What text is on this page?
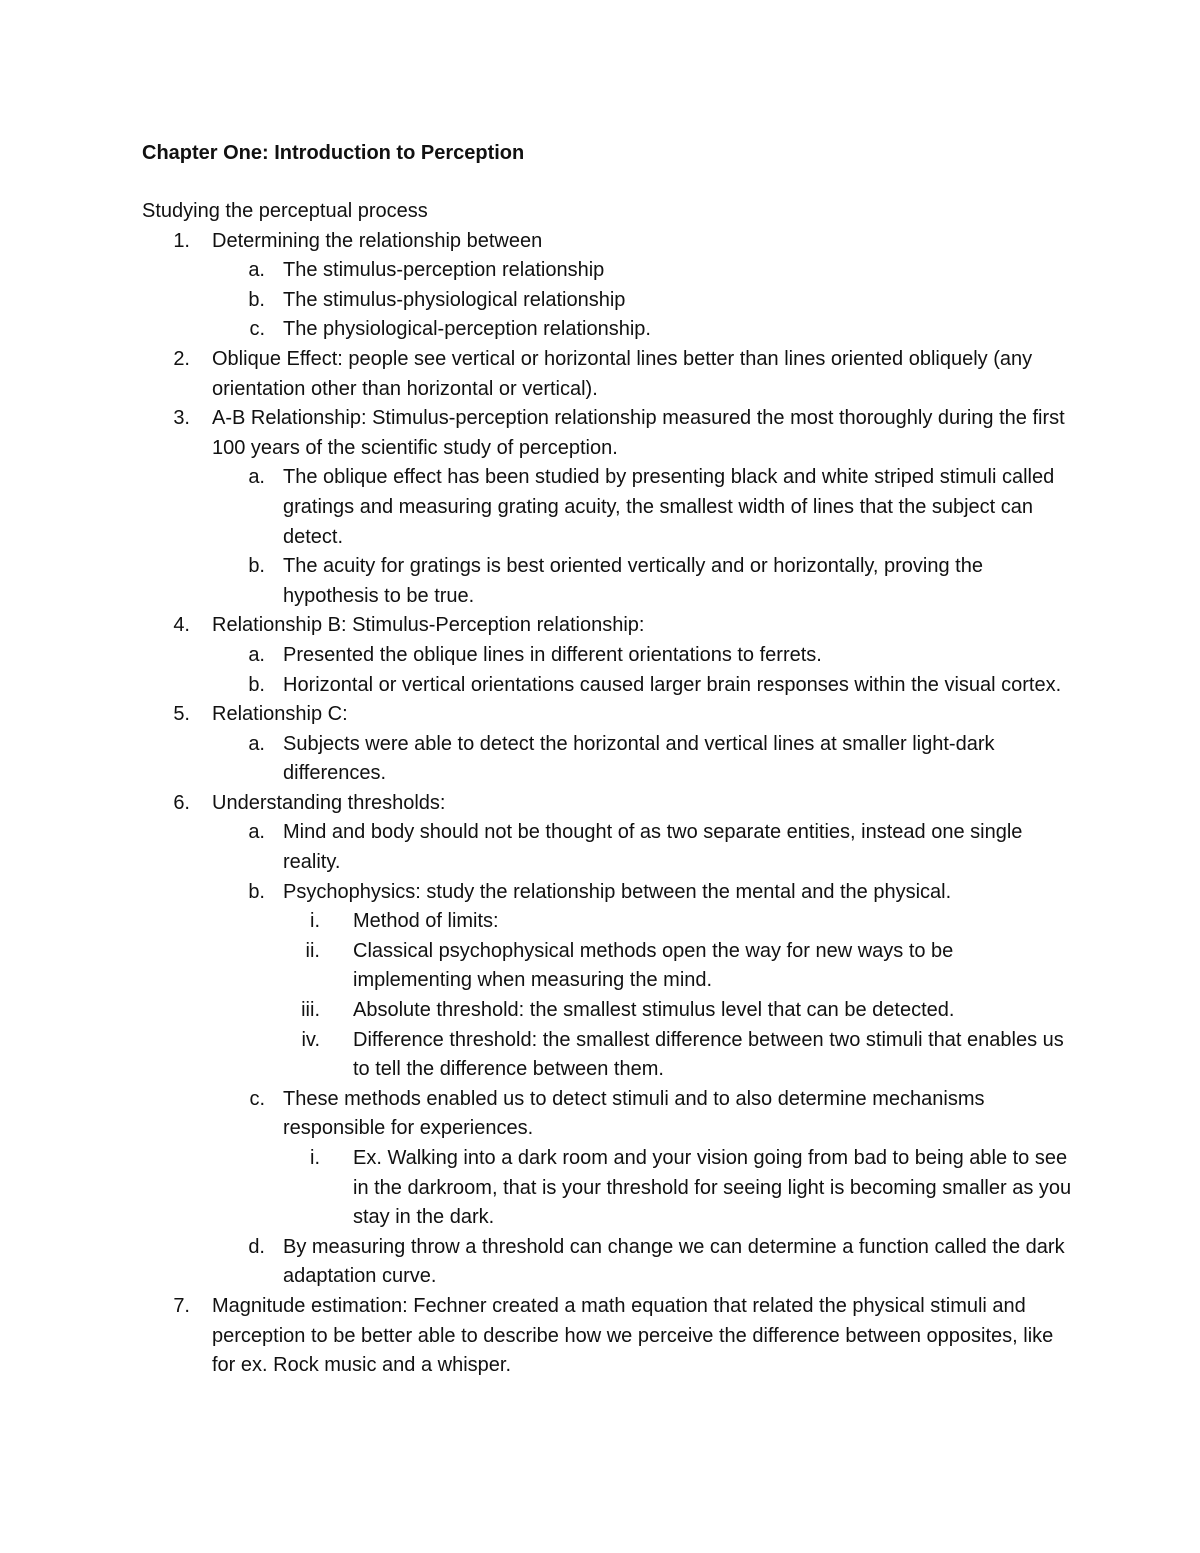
Chapter One: Introduction to Perception
Studying the perceptual process
1. Determining the relationship between
a. The stimulus-perception relationship
b. The stimulus-physiological relationship
c. The physiological-perception relationship.
2. Oblique Effect: people see vertical or horizontal lines better than lines oriented obliquely (any orientation other than horizontal or vertical).
3. A-B Relationship: Stimulus-perception relationship measured the most thoroughly during the first 100 years of the scientific study of perception.
a. The oblique effect has been studied by presenting black and white striped stimuli called gratings and measuring grating acuity, the smallest width of lines that the subject can detect.
b. The acuity for gratings is best oriented vertically and or horizontally, proving the hypothesis to be true.
4. Relationship B: Stimulus-Perception relationship:
a. Presented the oblique lines in different orientations to ferrets.
b. Horizontal or vertical orientations caused larger brain responses within the visual cortex.
5. Relationship C:
a. Subjects were able to detect the horizontal and vertical lines at smaller light-dark differences.
6. Understanding thresholds:
a. Mind and body should not be thought of as two separate entities, instead one single reality.
b. Psychophysics: study the relationship between the mental and the physical.
i. Method of limits:
ii. Classical psychophysical methods open the way for new ways to be implementing when measuring the mind.
iii. Absolute threshold: the smallest stimulus level that can be detected.
iv. Difference threshold: the smallest difference between two stimuli that enables us to tell the difference between them.
c. These methods enabled us to detect stimuli and to also determine mechanisms responsible for experiences.
i. Ex. Walking into a dark room and your vision going from bad to being able to see in the darkroom, that is your threshold for seeing light is becoming smaller as you stay in the dark.
d. By measuring throw a threshold can change we can determine a function called the dark adaptation curve.
7. Magnitude estimation: Fechner created a math equation that related the physical stimuli and perception to be better able to describe how we perceive the difference between opposites, like for ex. Rock music and a whisper.
